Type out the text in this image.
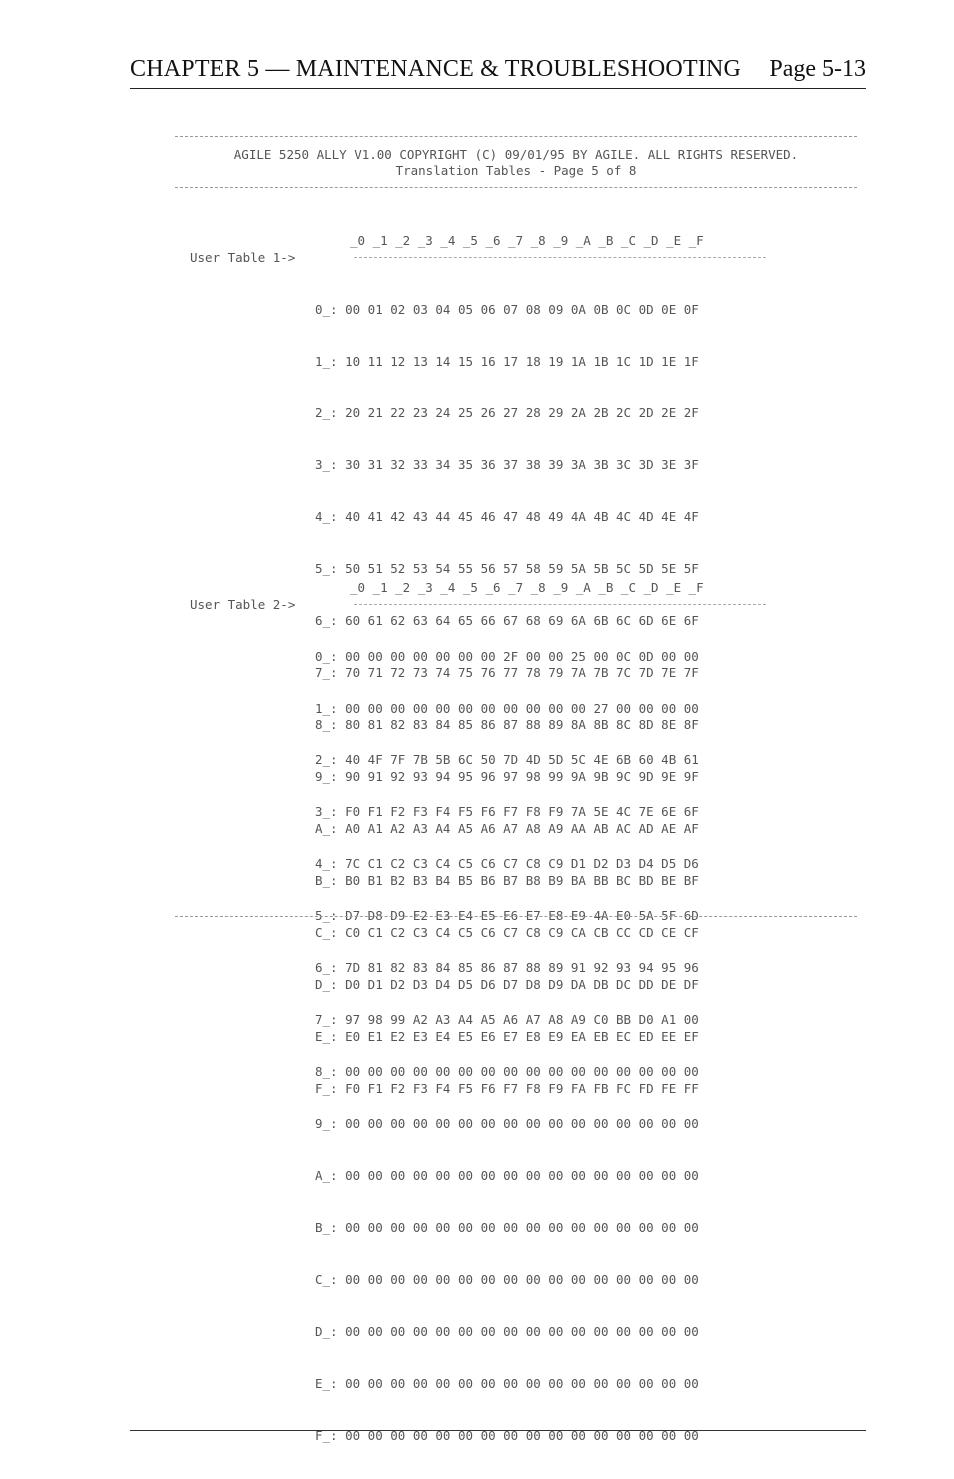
CHAPTER 5 — MAINTENANCE & TROUBLESHOOTING Page 5-13
AGILE 5250 ALLY V1.00 COPYRIGHT (C) 09/01/95 BY AGILE. ALL RIGHTS RESERVED.
Translation Tables - Page 5 of 8
_0 _1 _2 _3 _4 _5 _6 _7 _8 _9 _A _B _C _D _E _F
User Table 1->

0_: 00 01 02 03 04 05 06 07 08 09 0A 0B 0C 0D 0E 0F

1_: 10 11 12 13 14 15 16 17 18 19 1A 1B 1C 1D 1E 1F

2_: 20 21 22 23 24 25 26 27 28 29 2A 2B 2C 2D 2E 2F

3_: 30 31 32 33 34 35 36 37 38 39 3A 3B 3C 3D 3E 3F

4_: 40 41 42 43 44 45 46 47 48 49 4A 4B 4C 4D 4E 4F

5_: 50 51 52 53 54 55 56 57 58 59 5A 5B 5C 5D 5E 5F

6_: 60 61 62 63 64 65 66 67 68 69 6A 6B 6C 6D 6E 6F

7_: 70 71 72 73 74 75 76 77 78 79 7A 7B 7C 7D 7E 7F

8_: 80 81 82 83 84 85 86 87 88 89 8A 8B 8C 8D 8E 8F

9_: 90 91 92 93 94 95 96 97 98 99 9A 9B 9C 9D 9E 9F

A_: A0 A1 A2 A3 A4 A5 A6 A7 A8 A9 AA AB AC AD AE AF

B_: B0 B1 B2 B3 B4 B5 B6 B7 B8 B9 BA BB BC BD BE BF

C_: C0 C1 C2 C3 C4 C5 C6 C7 C8 C9 CA CB CC CD CE CF

D_: D0 D1 D2 D3 D4 D5 D6 D7 D8 D9 DA DB DC DD DE DF

E_: E0 E1 E2 E3 E4 E5 E6 E7 E8 E9 EA EB EC ED EE EF

F_: F0 F1 F2 F3 F4 F5 F6 F7 F8 F9 FA FB FC FD FE FF

_0 _1 _2 _3 _4 _5 _6 _7 _8 _9 _A _B _C _D _E _F
User Table 2->

0_: 00 00 00 00 00 00 00 2F 00 00 25 00 0C 0D 00 00

1_: 00 00 00 00 00 00 00 00 00 00 00 27 00 00 00 00

2_: 40 4F 7F 7B 5B 6C 50 7D 4D 5D 5C 4E 6B 60 4B 61

3_: F0 F1 F2 F3 F4 F5 F6 F7 F8 F9 7A 5E 4C 7E 6E 6F

4_: 7C C1 C2 C3 C4 C5 C6 C7 C8 C9 D1 D2 D3 D4 D5 D6

5_: D7 D8 D9 E2 E3 E4 E5 E6 E7 E8 E9 4A E0 5A 5F 6D

6_: 7D 81 82 83 84 85 86 87 88 89 91 92 93 94 95 96

7_: 97 98 99 A2 A3 A4 A5 A6 A7 A8 A9 C0 BB D0 A1 00

8_: 00 00 00 00 00 00 00 00 00 00 00 00 00 00 00 00

9_: 00 00 00 00 00 00 00 00 00 00 00 00 00 00 00 00

A_: 00 00 00 00 00 00 00 00 00 00 00 00 00 00 00 00

B_: 00 00 00 00 00 00 00 00 00 00 00 00 00 00 00 00

C_: 00 00 00 00 00 00 00 00 00 00 00 00 00 00 00 00

D_: 00 00 00 00 00 00 00 00 00 00 00 00 00 00 00 00

E_: 00 00 00 00 00 00 00 00 00 00 00 00 00 00 00 00

F_: 00 00 00 00 00 00 00 00 00 00 00 00 00 00 00 00
